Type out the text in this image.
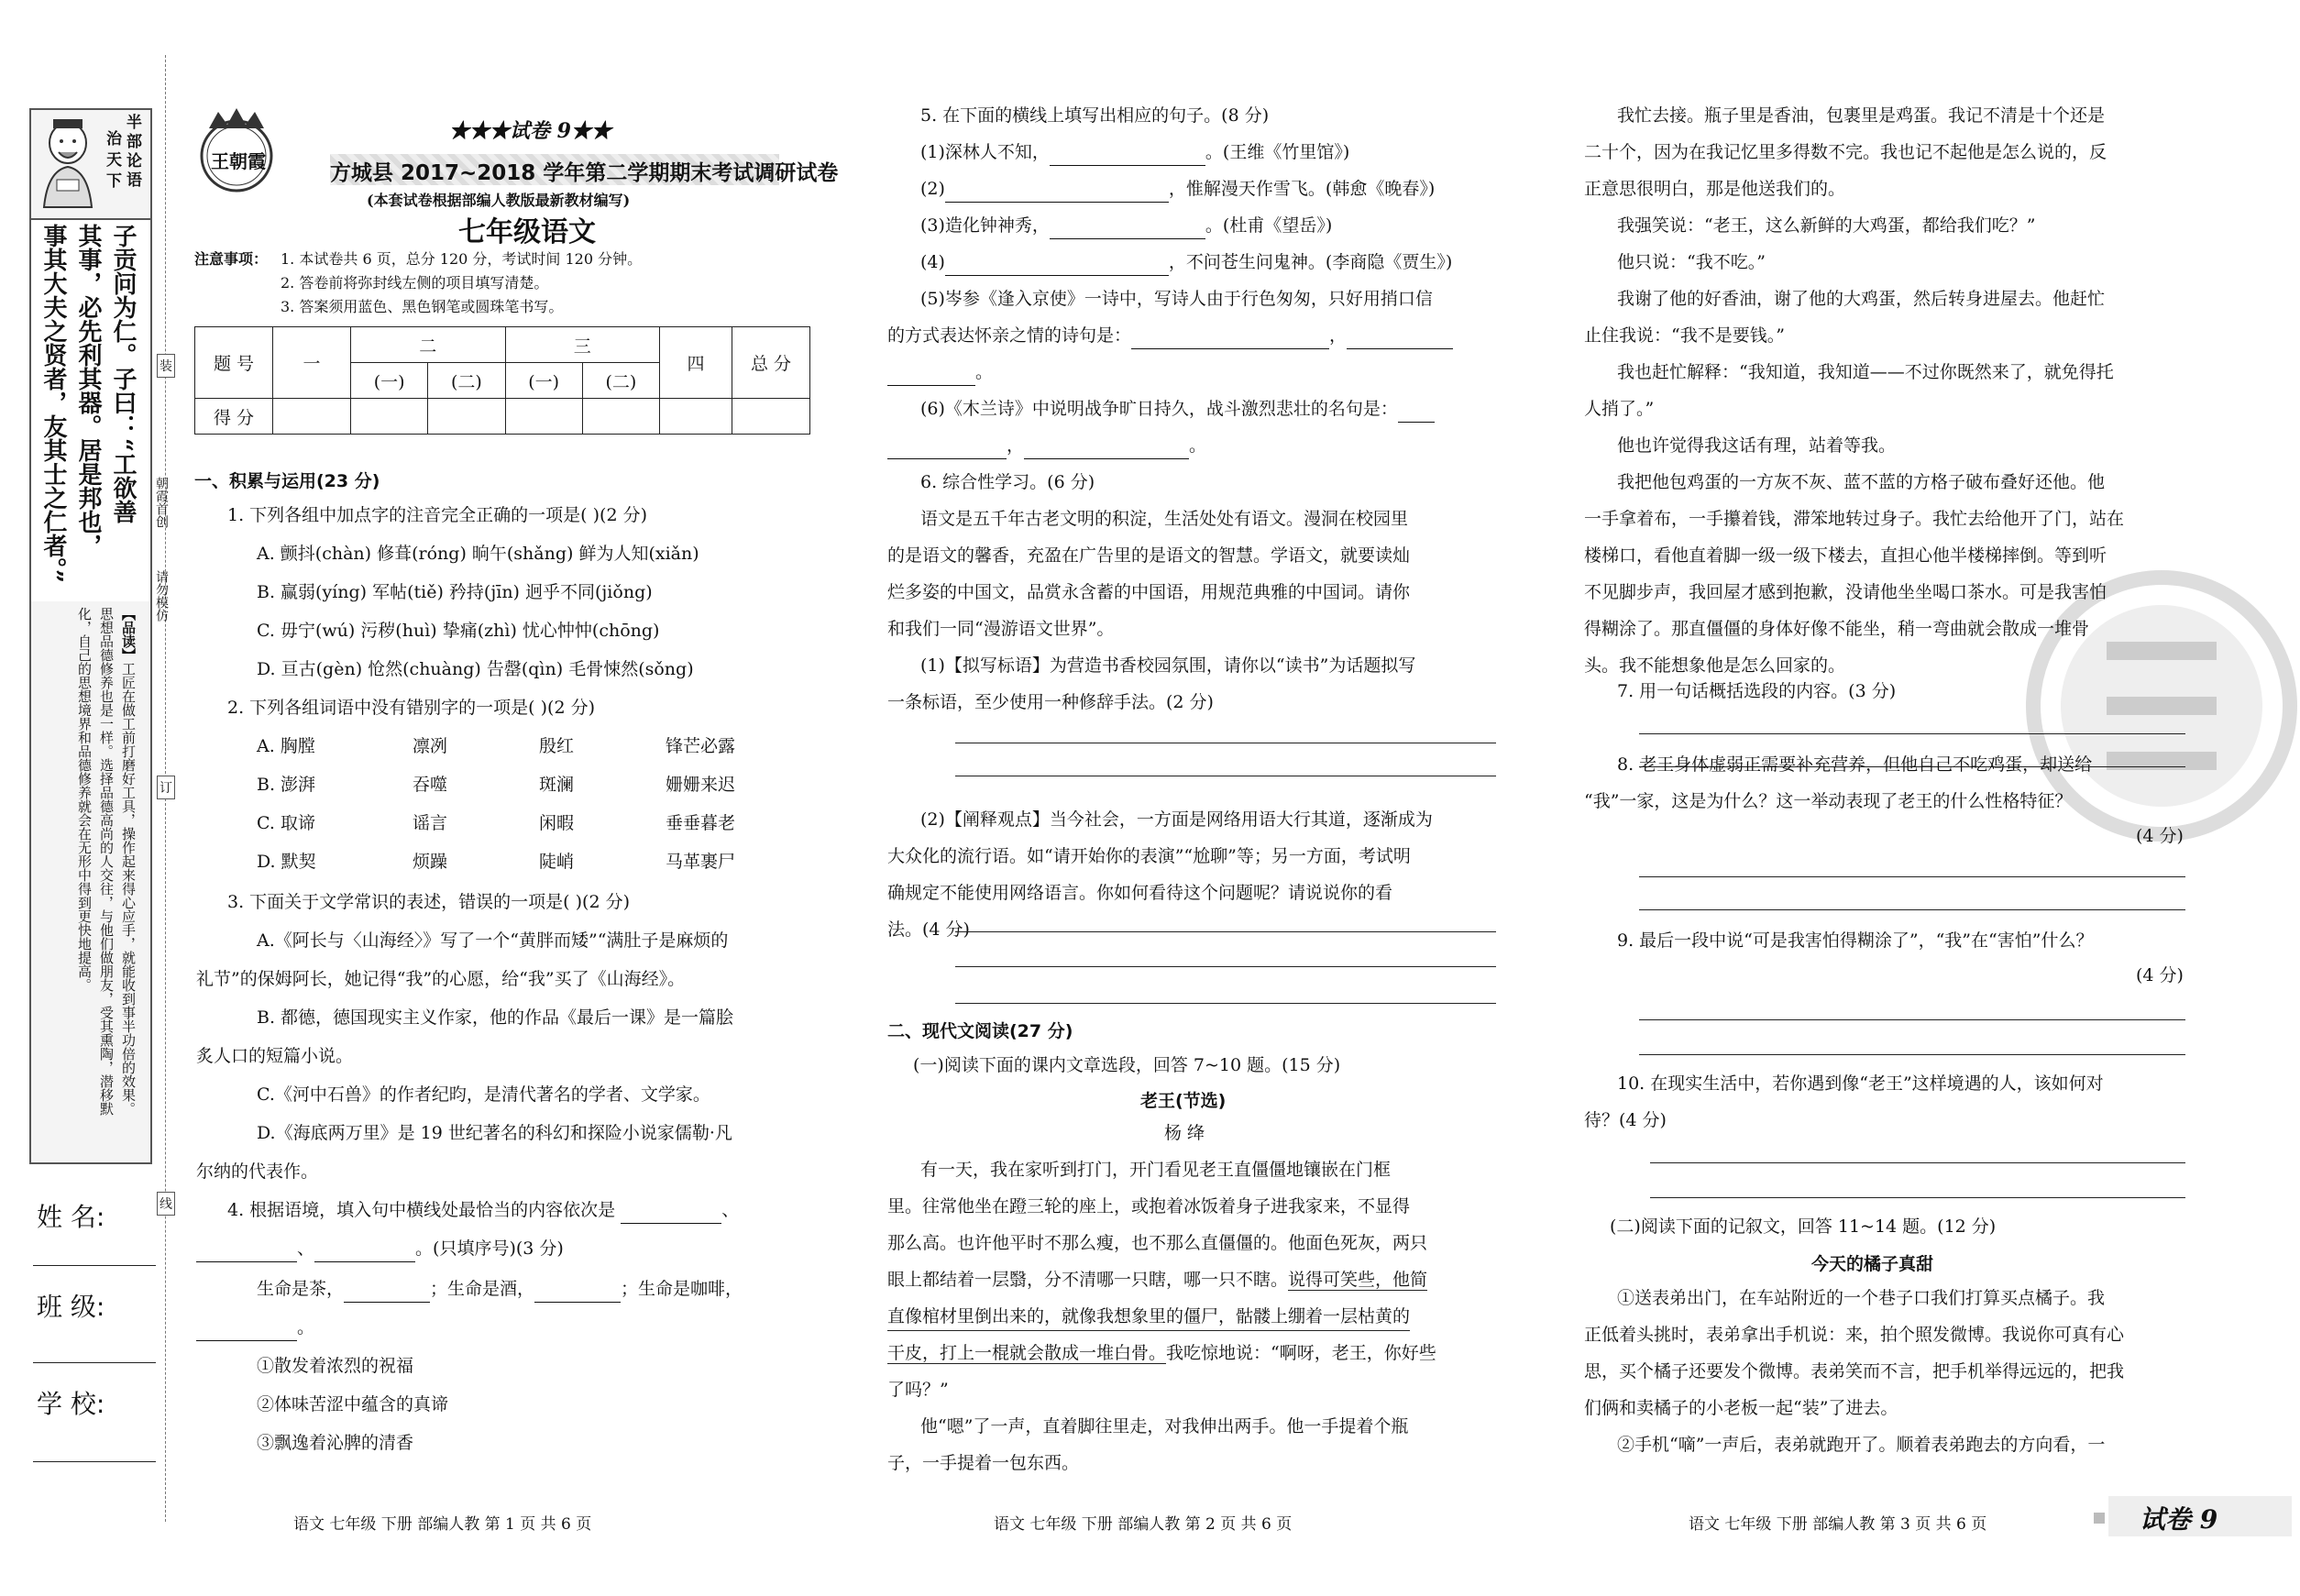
半部论语
治天下
子贡问为仁。子曰：“工欲善
其事，必先利其器。居是邦也，
事其大夫之贤者，友其士之仁者。”
【品读】工匠在做工前打磨好工具，操作起来得心应手，就能收到事半功倍的效果。
思想品德修养也是一样。选择品德高尚的人交往，与他们做朋友，受其熏陶，潜移默
化，自己的思想境界和品德修养就会在无形中得到更快地提高。
朝霞首创
请勿模仿
装
订
线
姓 名:
班 级:
学 校:
王朝霞
★★★试卷 9★★
方城县 2017~2018 学年第二学期期末考试调研试卷
(本套试卷根据部编人教版最新教材编写)
七年级语文
注意事项： 1. 本试卷共 6 页，总分 120 分，考试时间 120 分钟。
2. 答卷前将弥封线左侧的项目填写清楚。
3. 答案须用蓝色、黑色钢笔或圆珠笔书写。
题 号	一	二		三		四	总 分
		(一)	(二)	(一)	(二)		
得 分							
一、积累与运用(23 分)
1. 下列各组中加点字的注音完全正确的一项是( )(2 分)
A. 颤抖(chàn) 修葺(róng) 晌午(shǎng) 鲜为人知(xiǎn)
B. 赢弱(yíng) 军帖(tiě) 矜持(jīn) 迥乎不同(jiǒng)
C. 毋宁(wú) 污秽(huì) 挚痛(zhì) 忧心忡忡(chōng)
D. 亘古(gèn) 怆然(chuàng) 告罄(qìn) 毛骨悚然(sǒng)
2. 下列各组词语中没有错别字的一项是( )(2 分)
A. 胸膛	凛冽	殷红	锋芒必露
B. 澎湃	吞噬	斑澜	姗姗来迟
C. 取谛	谣言	闲暇	垂垂暮老
D. 默契	烦躁	陡峭	马革裹尸
3. 下面关于文学常识的表述，错误的一项是( )(2 分)
A.《阿长与〈山海经〉》写了一个“黄胖而矮”“满肚子是麻烦的
礼节”的保姆阿长，她记得“我”的心愿，给“我”买了《山海经》。
B. 都德，德国现实主义作家，他的作品《最后一课》是一篇脍
炙人口的短篇小说。
C.《河中石兽》的作者纪昀，是清代著名的学者、文学家。
D.《海底两万里》是 19 世纪著名的科幻和探险小说家儒勒·凡
尔纳的代表作。
4. 根据语境，填入句中横线处最恰当的内容依次是	、
、	。(只填序号)(3 分)
生命是茶，	；生命是酒，	；生命是咖啡，
。
①散发着浓烈的祝福
②体味苦涩中蕴含的真谛
③飘逸着沁脾的清香
语文 七年级 下册 部编人教 第 1 页 共 6 页
5. 在下面的横线上填写出相应的句子。(8 分)
(1)深林人不知，	。(王维《竹里馆》)
(2)	，惟解漫天作雪飞。(韩愈《晚春》)
(3)造化钟神秀，	。(杜甫《望岳》)
(4)	，不问苍生问鬼神。(李商隐《贾生》)
(5)岑参《逢入京使》一诗中，写诗人由于行色匆匆，只好用捎口信
的方式表达怀亲之情的诗句是：	，
。
(6)《木兰诗》中说明战争旷日持久，战斗激烈悲壮的名句是：
，	。
6. 综合性学习。(6 分)
语文是五千年古老文明的积淀，生活处处有语文。漫洞在校园里
的是语文的馨香，充盈在广告里的是语文的智慧。学语文，就要读灿
烂多姿的中国文，品赏永含蓄的中国语，用规范典雅的中国词。请你
和我们一同“漫游语文世界”。
(1)【拟写标语】为营造书香校园氛围，请你以“读书”为话题拟写
一条标语，至少使用一种修辞手法。(2 分)
(2)【阐释观点】当今社会，一方面是网络用语大行其道，逐渐成为
大众化的流行语。如“请开始你的表演”“尬聊”等；另一方面，考试明
确规定不能使用网络语言。你如何看待这个问题呢？请说说你的看
法。(4 分)
二、现代文阅读(27 分)
(一)阅读下面的课内文章选段，回答 7~10 题。(15 分)
老王(节选)
杨 绛
有一天，我在家听到打门，开门看见老王直僵僵地镶嵌在门框
里。往常他坐在蹬三轮的座上，或抱着冰饭着身子进我家来，不显得
那么高。也许他平时不那么瘦，也不那么直僵僵的。他面色死灰，两只
眼上都结着一层翳，分不清哪一只瞎，哪一只不瞎。说得可笑些，他简
直像棺材里倒出来的，就像我想象里的僵尸，骷髅上绷着一层枯黄的
干皮，打上一棍就会散成一堆白骨。我吃惊地说：“啊呀，老王，你好些
了吗？”
他“嗯”了一声，直着脚往里走，对我伸出两手。他一手提着个瓶
子，一手提着一包东西。
语文 七年级 下册 部编人教 第 2 页 共 6 页
我忙去接。瓶子里是香油，包裹里是鸡蛋。我记不清是十个还是
二十个，因为在我记忆里多得数不完。我也记不起他是怎么说的，反
正意思很明白，那是他送我们的。
我强笑说：“老王，这么新鲜的大鸡蛋，都给我们吃？”
他只说：“我不吃。”
我谢了他的好香油，谢了他的大鸡蛋，然后转身进屋去。他赶忙
止住我说：“我不是要钱。”
我也赶忙解释：“我知道，我知道——不过你既然来了，就免得托
人捎了。”
他也许觉得我这话有理，站着等我。
我把他包鸡蛋的一方灰不灰、蓝不蓝的方格子破布叠好还他。他
一手拿着布，一手攥着钱，滞笨地转过身子。我忙去给他开了门，站在
楼梯口，看他直着脚一级一级下楼去，直担心他半楼梯摔倒。等到听
不见脚步声，我回屋才感到抱歉，没请他坐坐喝口茶水。可是我害怕
得糊涂了。那直僵僵的身体好像不能坐，稍一弯曲就会散成一堆骨
头。我不能想象他是怎么回家的。
7. 用一句话概括选段的内容。(3 分)
8. 老王身体虚弱正需要补充营养，但他自己不吃鸡蛋，却送给
“我”一家，这是为什么？这一举动表现了老王的什么性格特征？
(4 分)
9. 最后一段中说“可是我害怕得糊涂了”，“我”在“害怕”什么？
(4 分)
10. 在现实生活中，若你遇到像“老王”这样境遇的人，该如何对
待？(4 分)
(二)阅读下面的记叙文，回答 11~14 题。(12 分)
今天的橘子真甜
①送表弟出门，在车站附近的一个巷子口我们打算买点橘子。我
正低着头挑时，表弟拿出手机说：来，拍个照发微博。我说你可真有心
思，买个橘子还要发个微博。表弟笑而不言，把手机举得远远的，把我
们俩和卖橘子的小老板一起“装”了进去。
②手机“嘀”一声后，表弟就跑开了。顺着表弟跑去的方向看，一
语文 七年级 下册 部编人教 第 3 页 共 6 页	试卷 9
